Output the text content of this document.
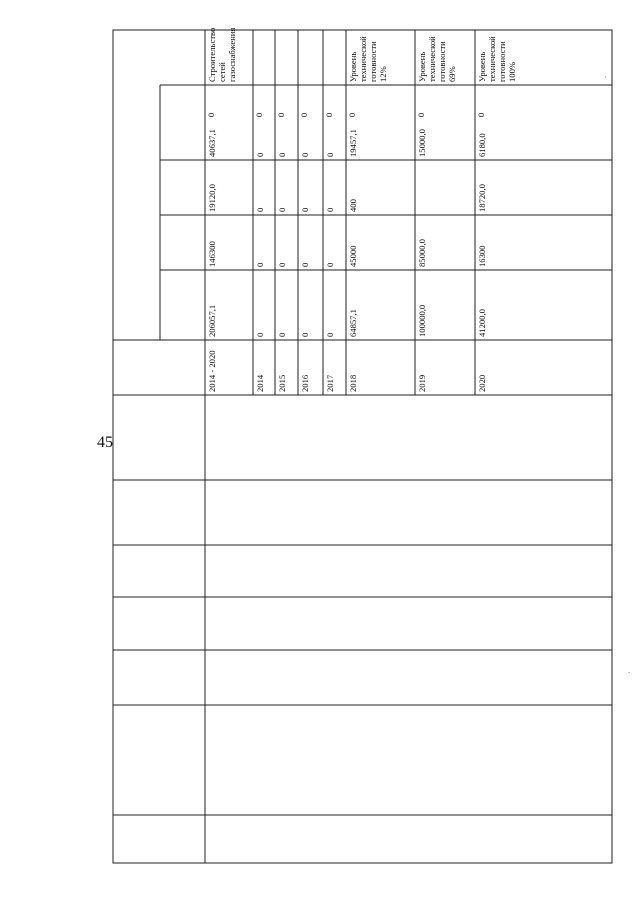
45
·
.
2014 - 2020
206057,1
146300
19120,0
40637,1
0
Строительство сетей газоснабжения
2014
0
0
0
0
0
2015
0
0
0
0
0
2016
0
0
0
0
0
2017
0
0
0
0
0
2018
64857,1
45000
400
19457,1
0
Уровень технической готовности 12%
2019
100000,0
85000,0
15000,0
0
Уровень технической готовности 69%
2020
41200,0
16300
18720,0
6180,0
0
Уровень технической готовности 100%
